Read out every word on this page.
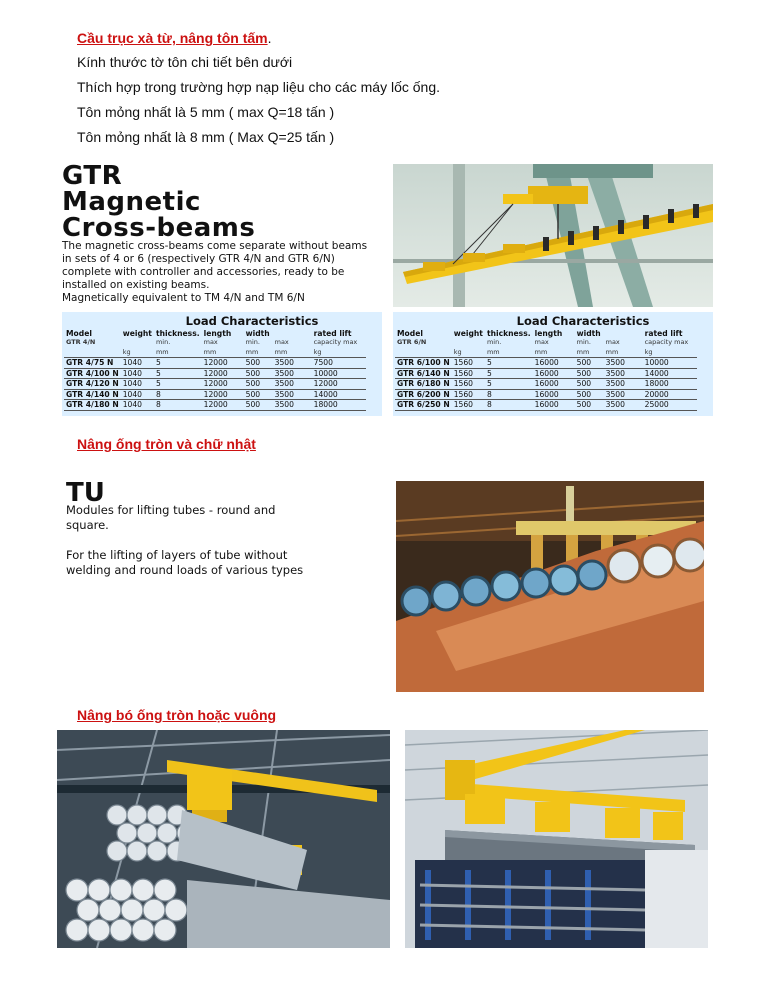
Cầu trục xà từ, nâng tôn tấm.
Kính thước tờ tôn chi tiết bên dưới
Thích hợp trong trường hợp nạp liệu cho các máy lốc ống.
Tôn mỏng nhất là 5 mm ( max Q=18 tấn )
Tôn mỏng nhất là 8 mm ( Max Q=25 tấn )
GTR
Magnetic
Cross-beams
The magnetic cross-beams come separate without beams
in sets of 4 or 6 (respectively GTR 4/N and GTR 6/N)
complete with controller and accessories, ready to be
installed on existing beams.
Magnetically equivalent to TM 4/N and TM 6/N
Load Characteristics
Model	weight	thickness.	length	width		rated lift
GTR 4/N		min.	max	min.	max	capacity max
	kg	mm	mm	mm	mm	kg
GTR 4/75 N	1040	5	12000	500	3500	7500
GTR 4/100 N	1040	5	12000	500	3500	10000
GTR 4/120 N	1040	5	12000	500	3500	12000
GTR 4/140 N	1040	8	12000	500	3500	14000
GTR 4/180 N	1040	8	12000	500	3500	18000
Load Characteristics
Model	weight	thickness.	length	width		rated lift
GTR 6/N		min.	max	min.	max	capacity max
	kg	mm	mm	mm	mm	kg
GTR 6/100 N	1560	5	16000	500	3500	10000
GTR 6/140 N	1560	5	16000	500	3500	14000
GTR 6/180 N	1560	5	16000	500	3500	18000
GTR 6/200 N	1560	8	16000	500	3500	20000
GTR 6/250 N	1560	8	16000	500	3500	25000
Nâng ống tròn và chữ nhật
TU
Modules for lifting tubes - round and
square.
For the lifting of layers of tube without
welding and round loads of various types
Nâng bó ống tròn hoặc vuông
